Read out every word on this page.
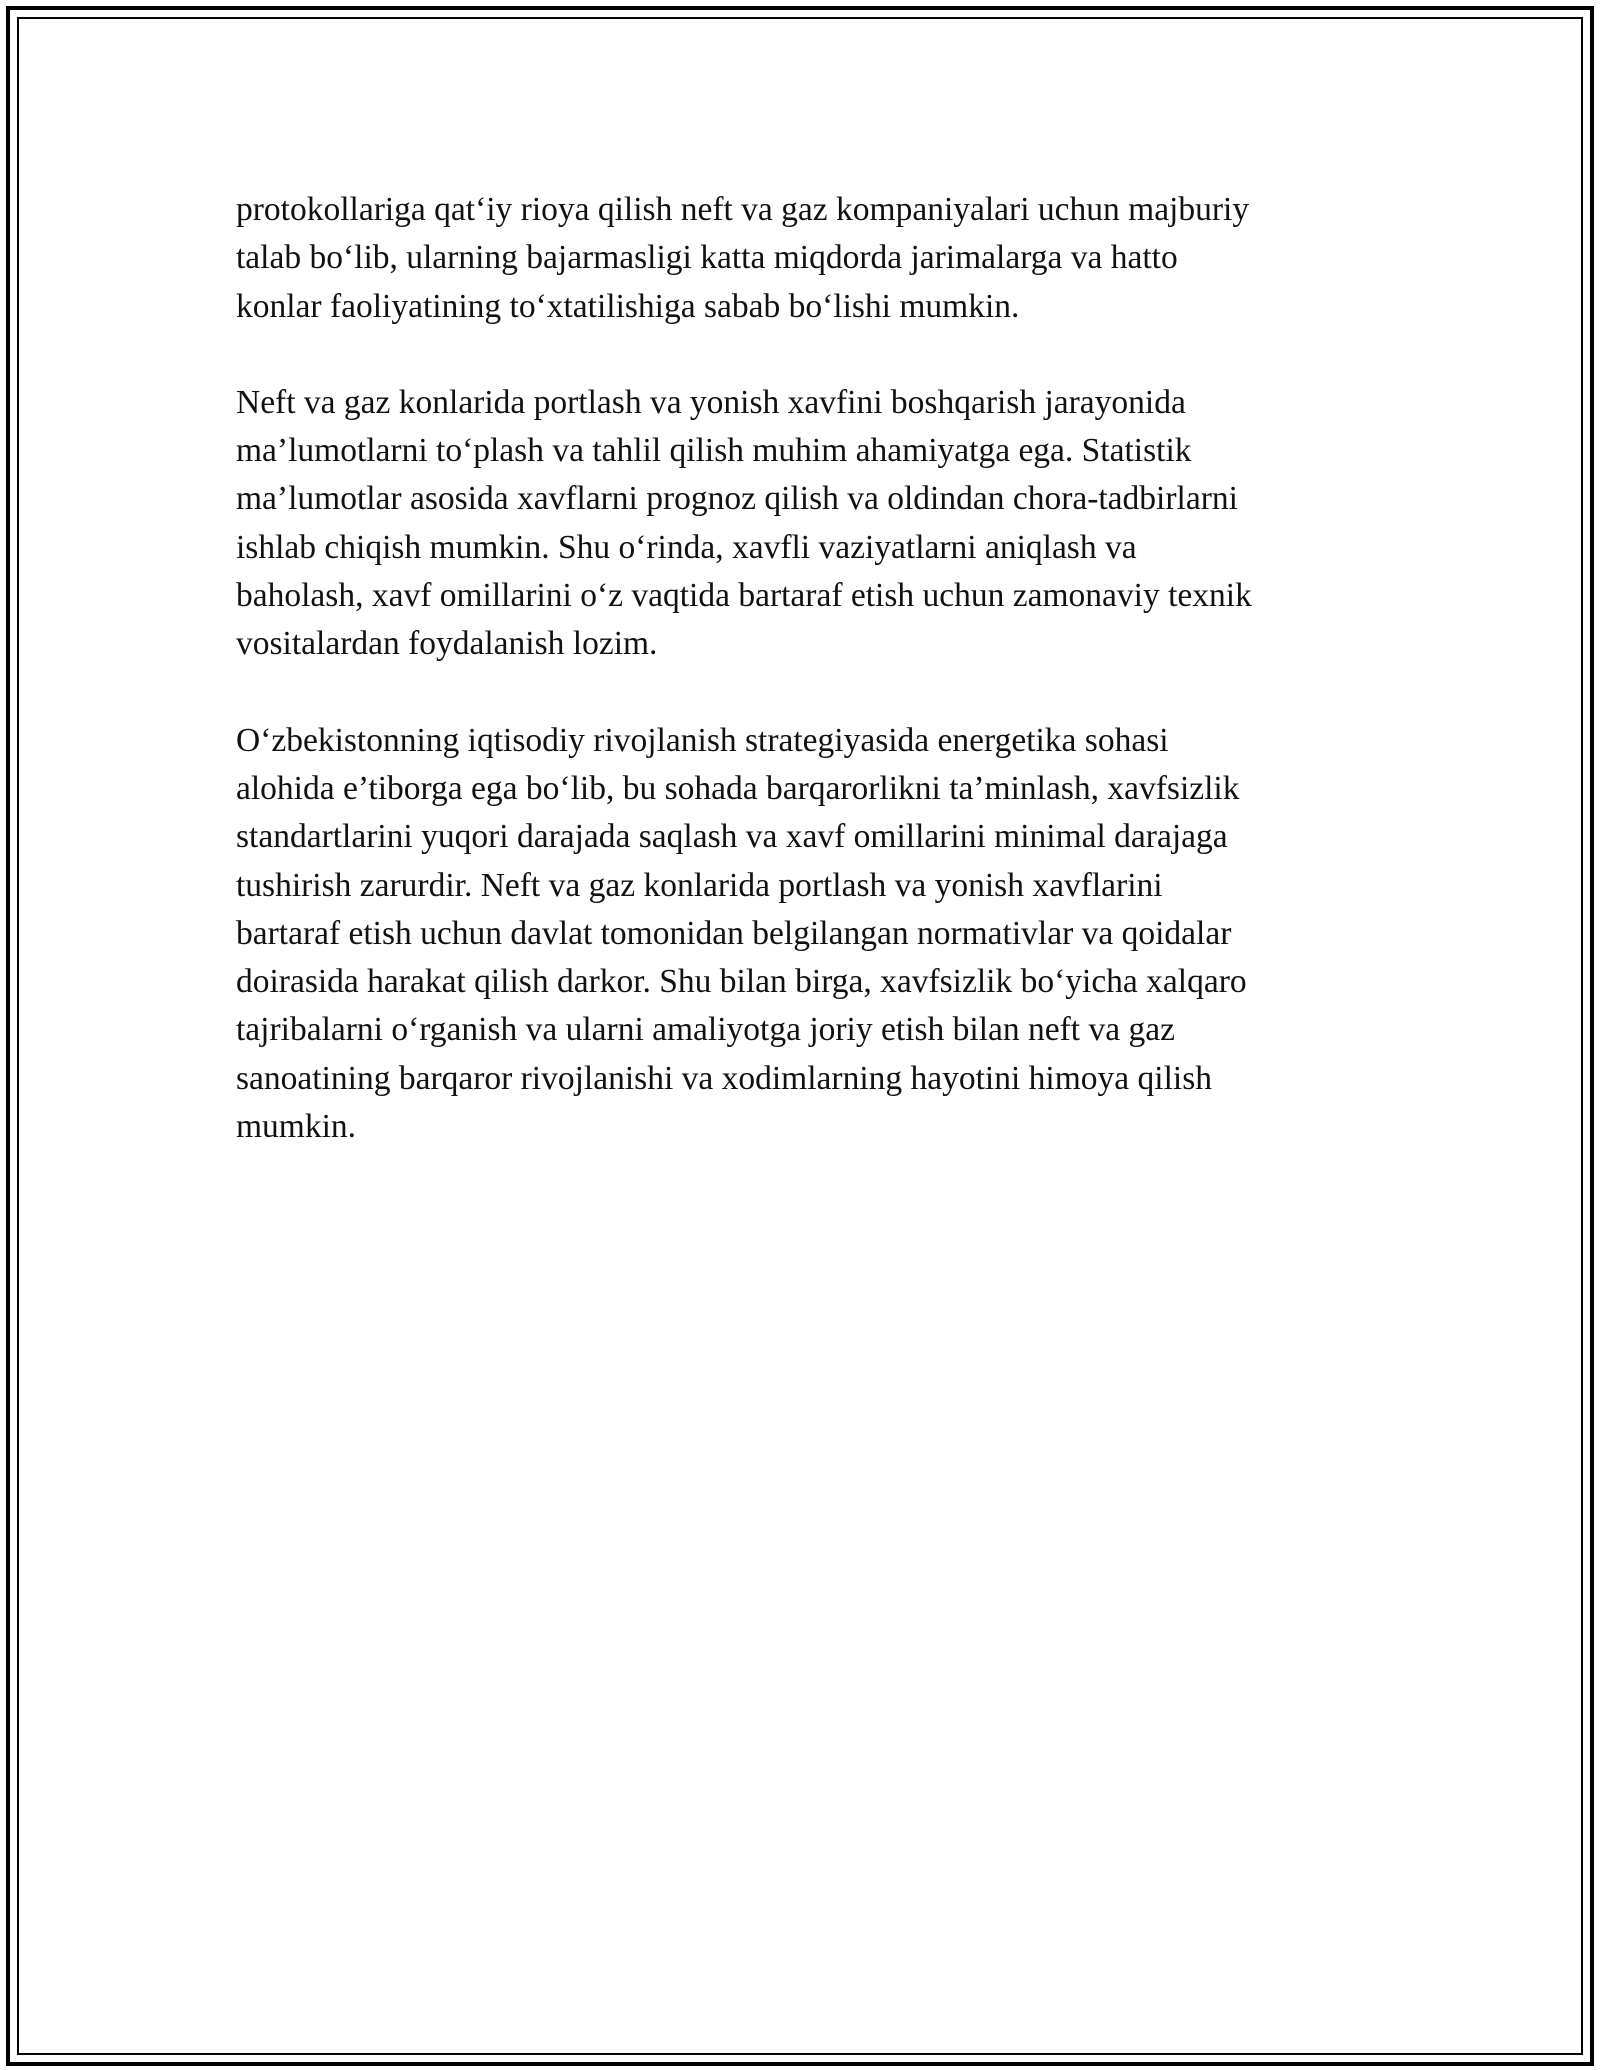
protokollariga qat‘iy rioya qilish neft va gaz kompaniyalari uchun majburiy
talab bo‘lib, ularning bajarmasligi katta miqdorda jarimalarga va hatto
konlar faoliyatining to‘xtatilishiga sabab bo‘lishi mumkin.

Neft va gaz konlarida portlash va yonish xavfini boshqarish jarayonida
ma’lumotlarni to‘plash va tahlil qilish muhim ahamiyatga ega. Statistik
ma’lumotlar asosida xavflarni prognoz qilish va oldindan chora-tadbirlarni
ishlab chiqish mumkin. Shu o‘rinda, xavfli vaziyatlarni aniqlash va
baholash, xavf omillarini o‘z vaqtida bartaraf etish uchun zamonaviy texnik
vositalardan foydalanish lozim.

O‘zbekistonning iqtisodiy rivojlanish strategiyasida energetika sohasi
alohida e’tiborga ega bo‘lib, bu sohada barqarorlikni ta’minlash, xavfsizlik
standartlarini yuqori darajada saqlash va xavf omillarini minimal darajaga
tushirish zarurdir. Neft va gaz konlarida portlash va yonish xavflarini
bartaraf etish uchun davlat tomonidan belgilangan normativlar va qoidalar
doirasida harakat qilish darkor. Shu bilan birga, xavfsizlik bo‘yicha xalqaro
tajribalarni o‘rganish va ularni amaliyotga joriy etish bilan neft va gaz
sanoatining barqaror rivojlanishi va xodimlarning hayotini himoya qilish
mumkin.
